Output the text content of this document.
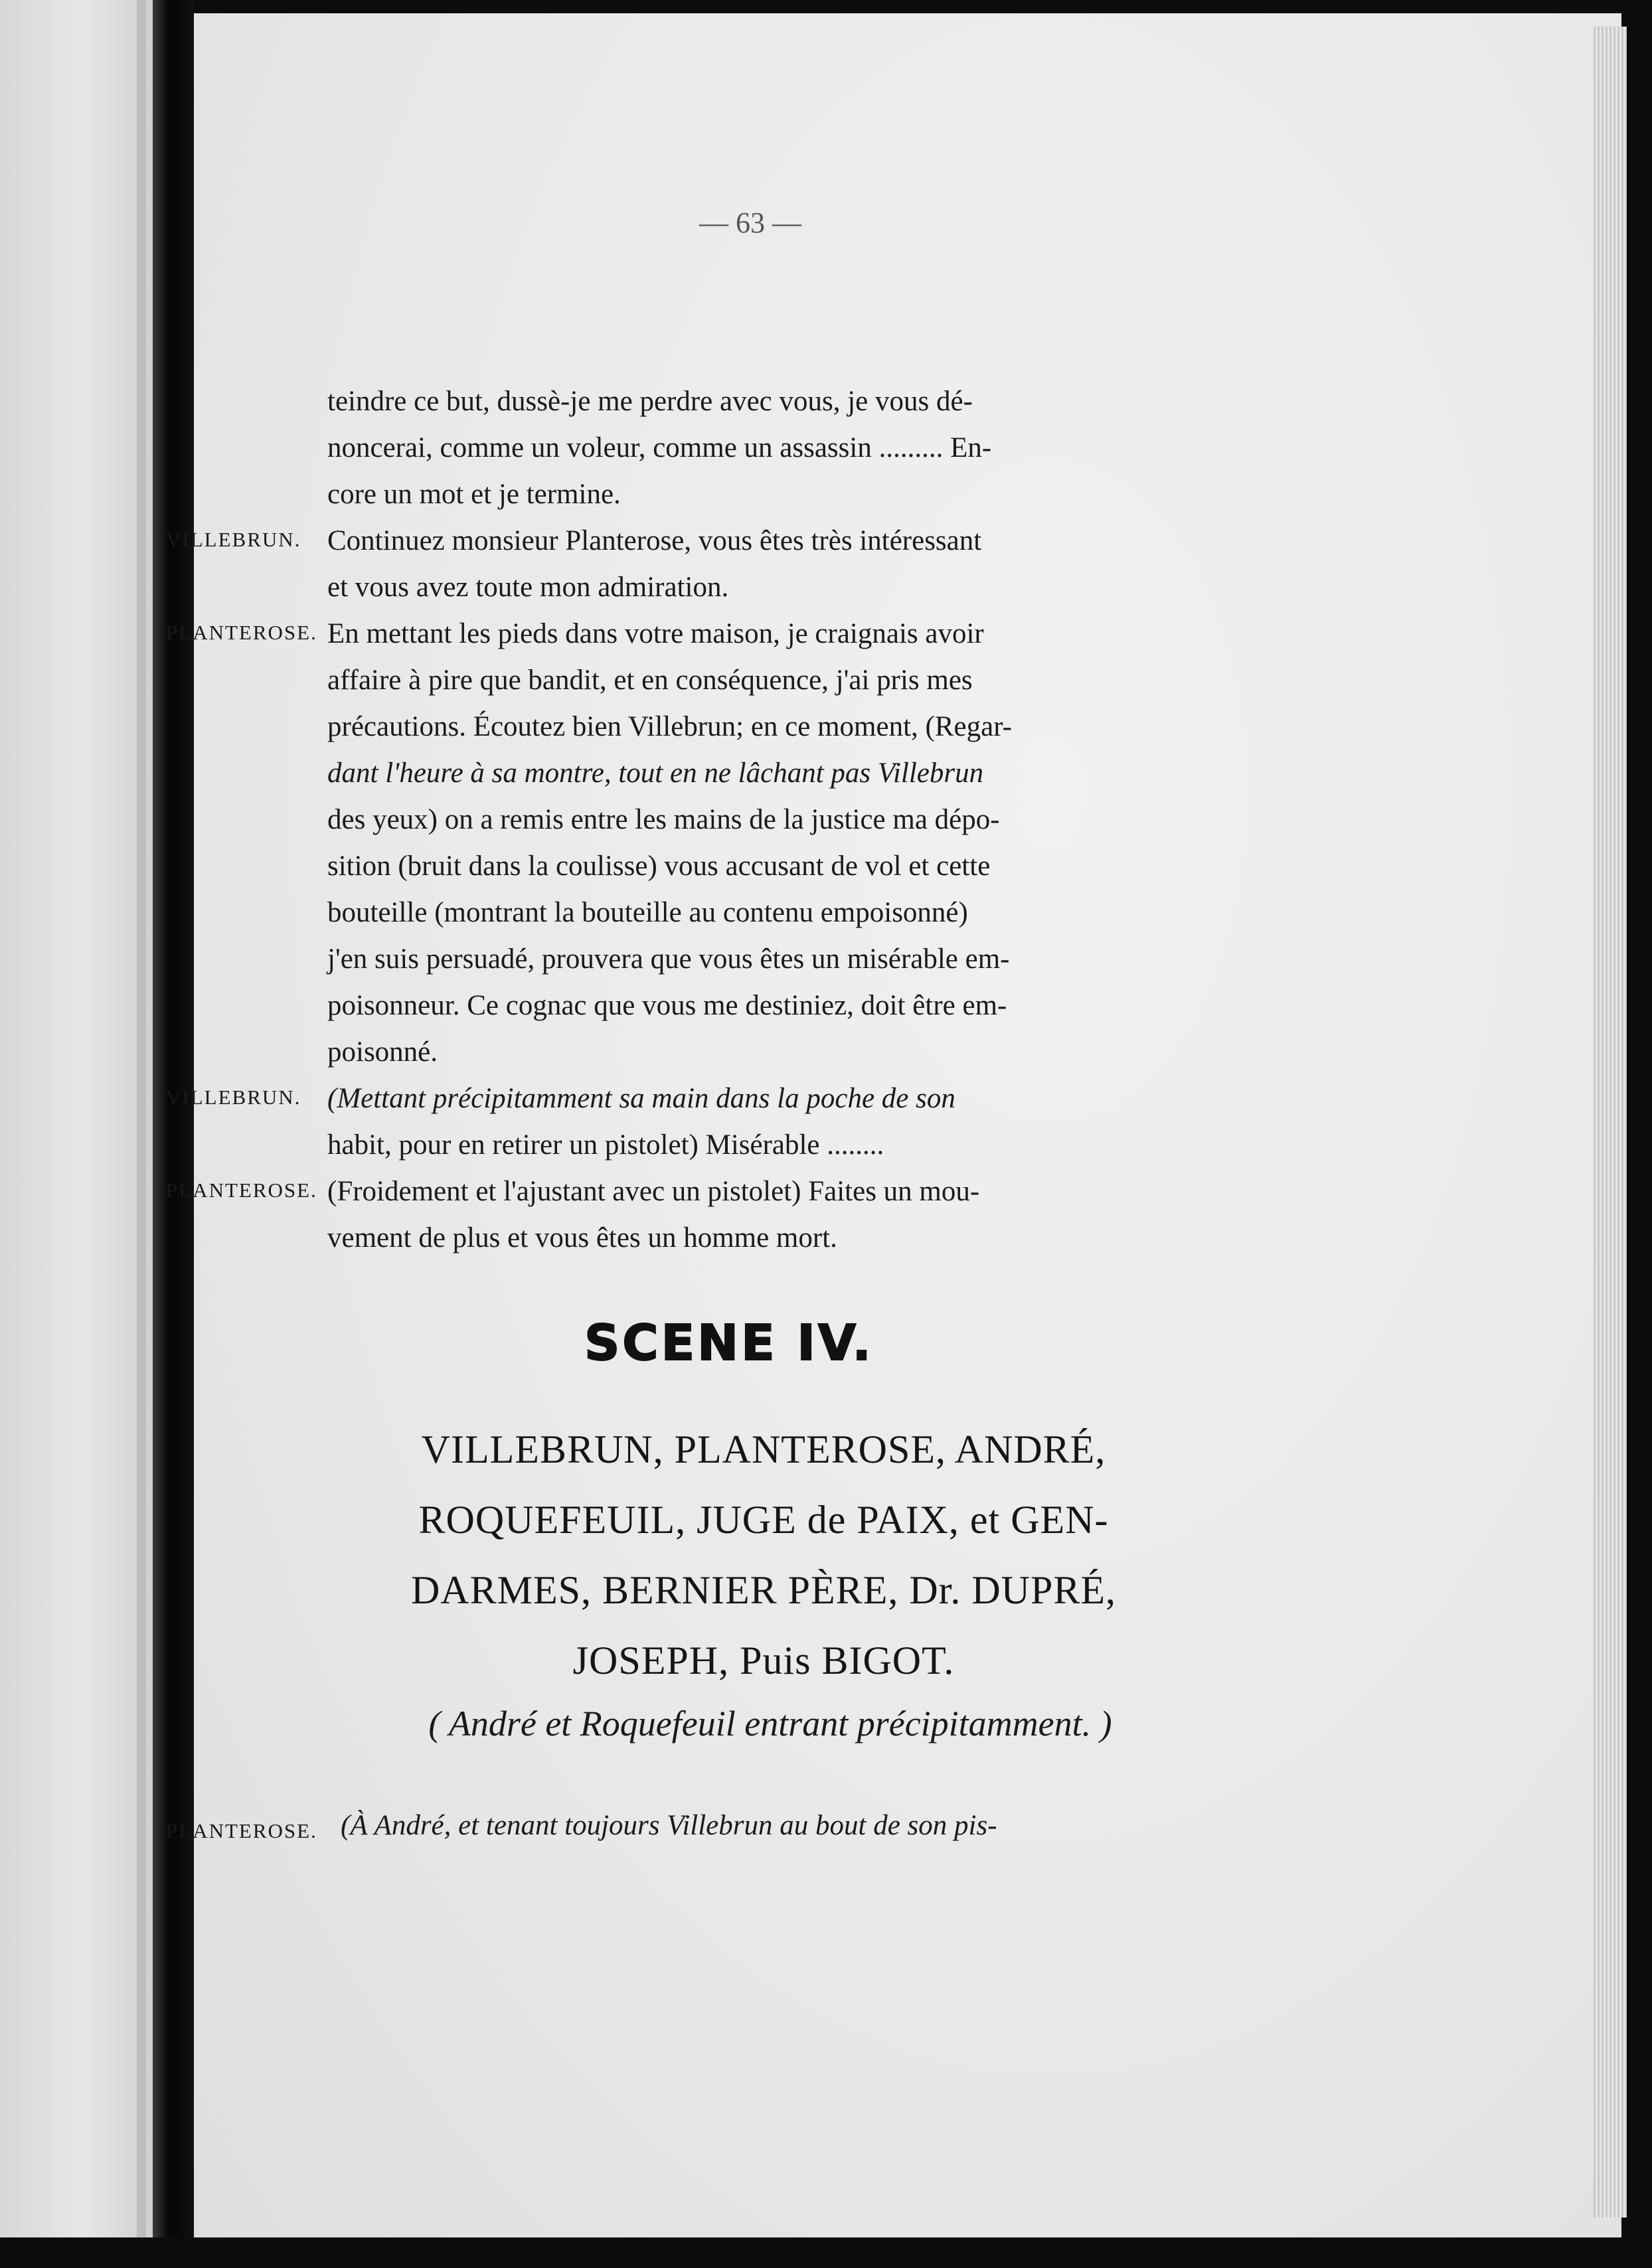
— 63 —
teindre ce but, dussè-je me perdre avec vous, je vous dé-
noncerai, comme un voleur, comme un assassin ......... En-
core un mot et je termine.
VILLEBRUN. Continuez monsieur Planterose, vous êtes très intéressant
et vous avez toute mon admiration.
PLANTEROSE. En mettant les pieds dans votre maison, je craignais avoir
affaire à pire que bandit, et en conséquence, j'ai pris mes
précautions. Écoutez bien Villebrun; en ce moment, (Regar-
dant l'heure à sa montre, tout en ne lâchant pas Villebrun
des yeux) on a remis entre les mains de la justice ma dépo-
sition (bruit dans la coulisse) vous accusant de vol et cette
bouteille (montrant la bouteille au contenu empoisonné)
j'en suis persuadé, prouvera que vous êtes un misérable em-
poisonneur. Ce cognac que vous me destiniez, doit être em-
poisonné.
VILLEBRUN. (Mettant précipitamment sa main dans la poche de son
habit, pour en retirer un pistolet) Misérable ........
PLANTEROSE. (Froidement et l'ajustant avec un pistolet) Faites un mou-
vement de plus et vous êtes un homme mort.
SCENE IV.
VILLEBRUN, PLANTEROSE, ANDRÉ,
ROQUEFEUIL, JUGE de PAIX, et GEN-
DARMES, BERNIER PÈRE, Dr. DUPRÉ,
JOSEPH, Puis BIGOT.
( André et Roquefeuil entrant précipitamment. )
PLANTEROSE. (À André, et tenant toujours Villebrun au bout de son pis-
